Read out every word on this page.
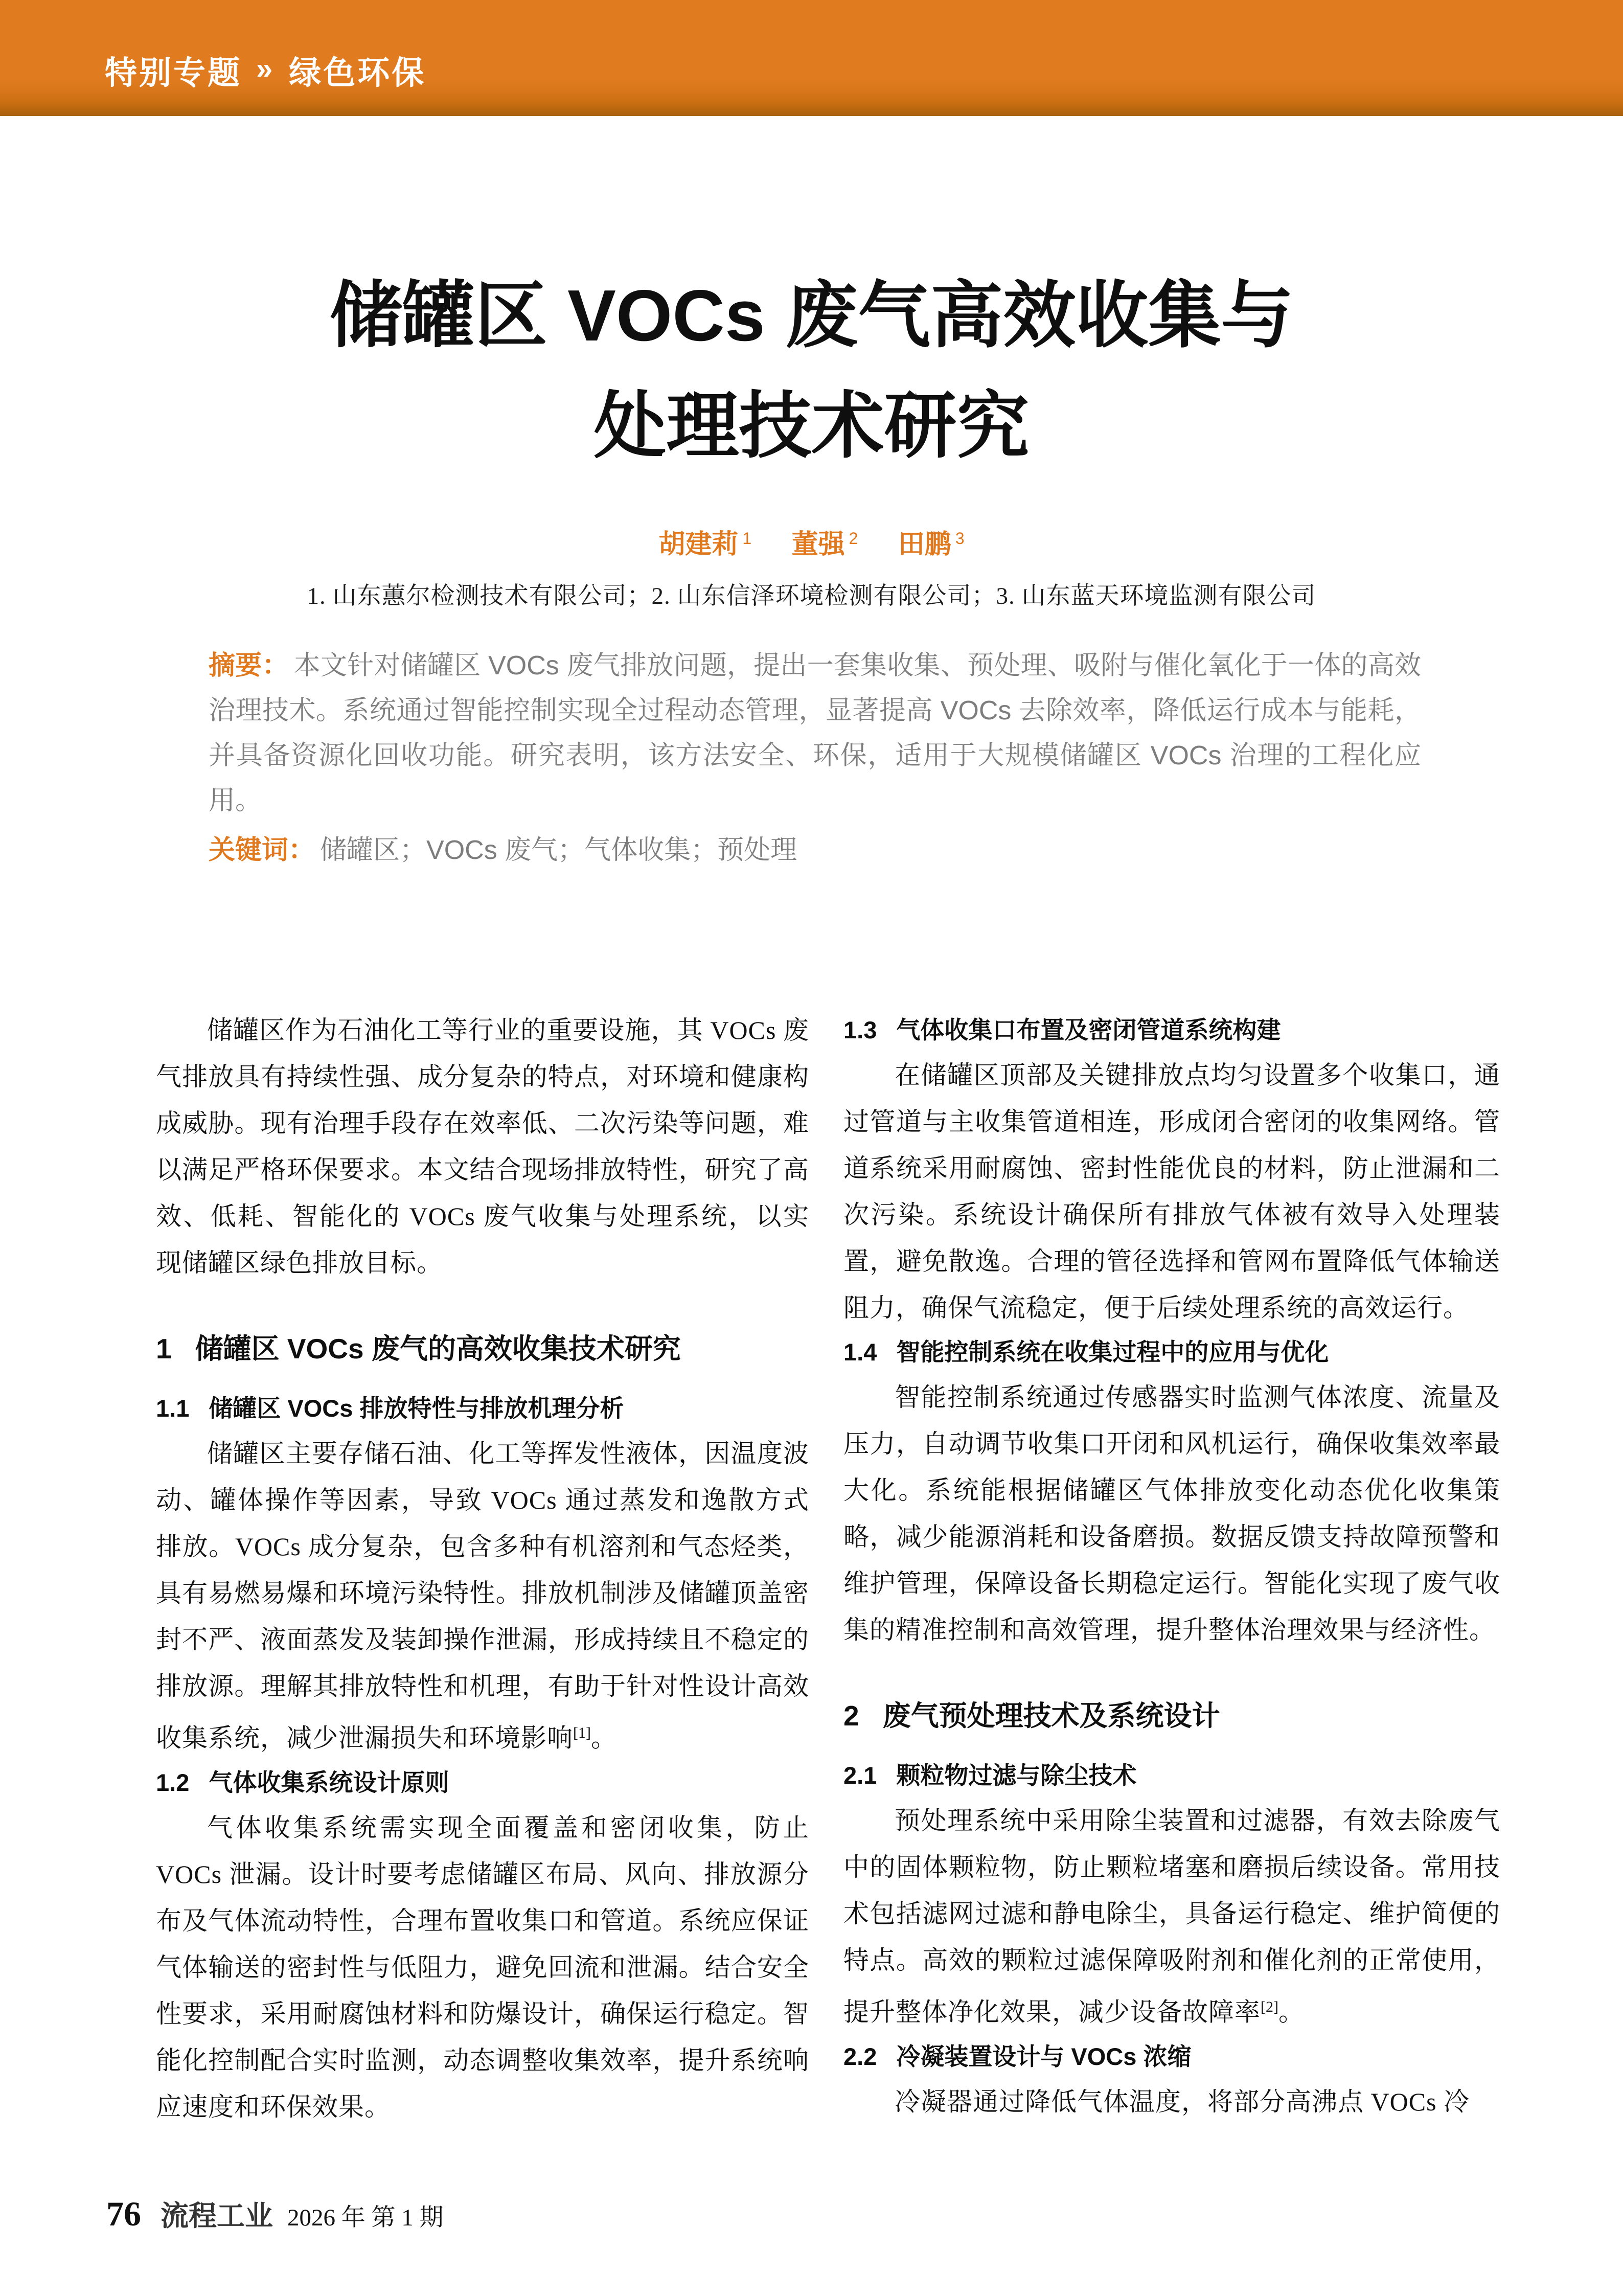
特别专题 » 绿色环保
储罐区 VOCs 废气高效收集与
处理技术研究
胡建莉 $^1$ 董强 $^2$ 田鹏 $^3$
1. 山东蕙尔检测技术有限公司；2. 山东信泽环境检测有限公司；3. 山东蓝天环境监测有限公司
摘要： 本文针对储罐区 VOCs 废气排放问题，提出一套集收集、预处理、吸附与催化氧化于一体的高效治理技术。系统通过智能控制实现全过程动态管理，显著提高 VOCs 去除效率，降低运行成本与能耗，并具备资源化回收功能。研究表明，该方法安全、环保，适用于大规模储罐区 VOCs 治理的工程化应用。
关键词： 储罐区；VOCs 废气；气体收集；预处理

储罐区作为石油化工等行业的重要设施，其 VOCs 废气排放具有持续性强、成分复杂的特点，对环境和健康构成威胁。现有治理手段存在效率低、二次污染等问题，难以满足严格环保要求。本文结合现场排放特性，研究了高效、低耗、智能化的 VOCs 废气收集与处理系统，以实现储罐区绿色排放目标。

1 储罐区 VOCs 废气的高效收集技术研究
1.1 储罐区 VOCs 排放特性与排放机理分析

储罐区主要存储石油、化工等挥发性液体，因温度波动、罐体操作等因素，导致 VOCs 通过蒸发和逸散方式排放。VOCs 成分复杂，包含多种有机溶剂和气态烃类，具有易燃易爆和环境污染特性。排放机制涉及储罐顶盖密封不严、液面蒸发及装卸操作泄漏，形成持续且不稳定的排放源。理解其排放特性和机理，有助于针对性设计高效收集系统，减少泄漏损失和环境影响[1]。

1.2 气体收集系统设计原则

气体收集系统需实现全面覆盖和密闭收集，防止 VOCs 泄漏。设计时要考虑储罐区布局、风向、排放源分布及气体流动特性，合理布置收集口和管道。系统应保证气体输送的密封性与低阻力，避免回流和泄漏。结合安全性要求，采用耐腐蚀材料和防爆设计，确保运行稳定。智能化控制配合实时监测，动态调整收集效率，提升系统响应速度和环保效果。

1.3 气体收集口布置及密闭管道系统构建

在储罐区顶部及关键排放点均匀设置多个收集口，通过管道与主收集管道相连，形成闭合密闭的收集网络。管道系统采用耐腐蚀、密封性能优良的材料，防止泄漏和二次污染。系统设计确保所有排放气体被有效导入处理装置，避免散逸。合理的管径选择和管网布置降低气体输送阻力，确保气流稳定，便于后续处理系统的高效运行。

1.4 智能控制系统在收集过程中的应用与优化

智能控制系统通过传感器实时监测气体浓度、流量及压力，自动调节收集口开闭和风机运行，确保收集效率最大化。系统能根据储罐区气体排放变化动态优化收集策略，减少能源消耗和设备磨损。数据反馈支持故障预警和维护管理，保障设备长期稳定运行。智能化实现了废气收集的精准控制和高效管理，提升整体治理效果与经济性。

2 废气预处理技术及系统设计
2.1 颗粒物过滤与除尘技术

预处理系统中采用除尘装置和过滤器，有效去除废气中的固体颗粒物，防止颗粒堵塞和磨损后续设备。常用技术包括滤网过滤和静电除尘，具备运行稳定、维护简便的特点。高效的颗粒过滤保障吸附剂和催化剂的正常使用，提升整体净化效果，减少设备故障率[2]。

2.2 冷凝装置设计与 VOCs 浓缩

冷凝器通过降低气体温度，将部分高沸点 VOCs 冷

76 流程工业 2026 年 第 1 期
